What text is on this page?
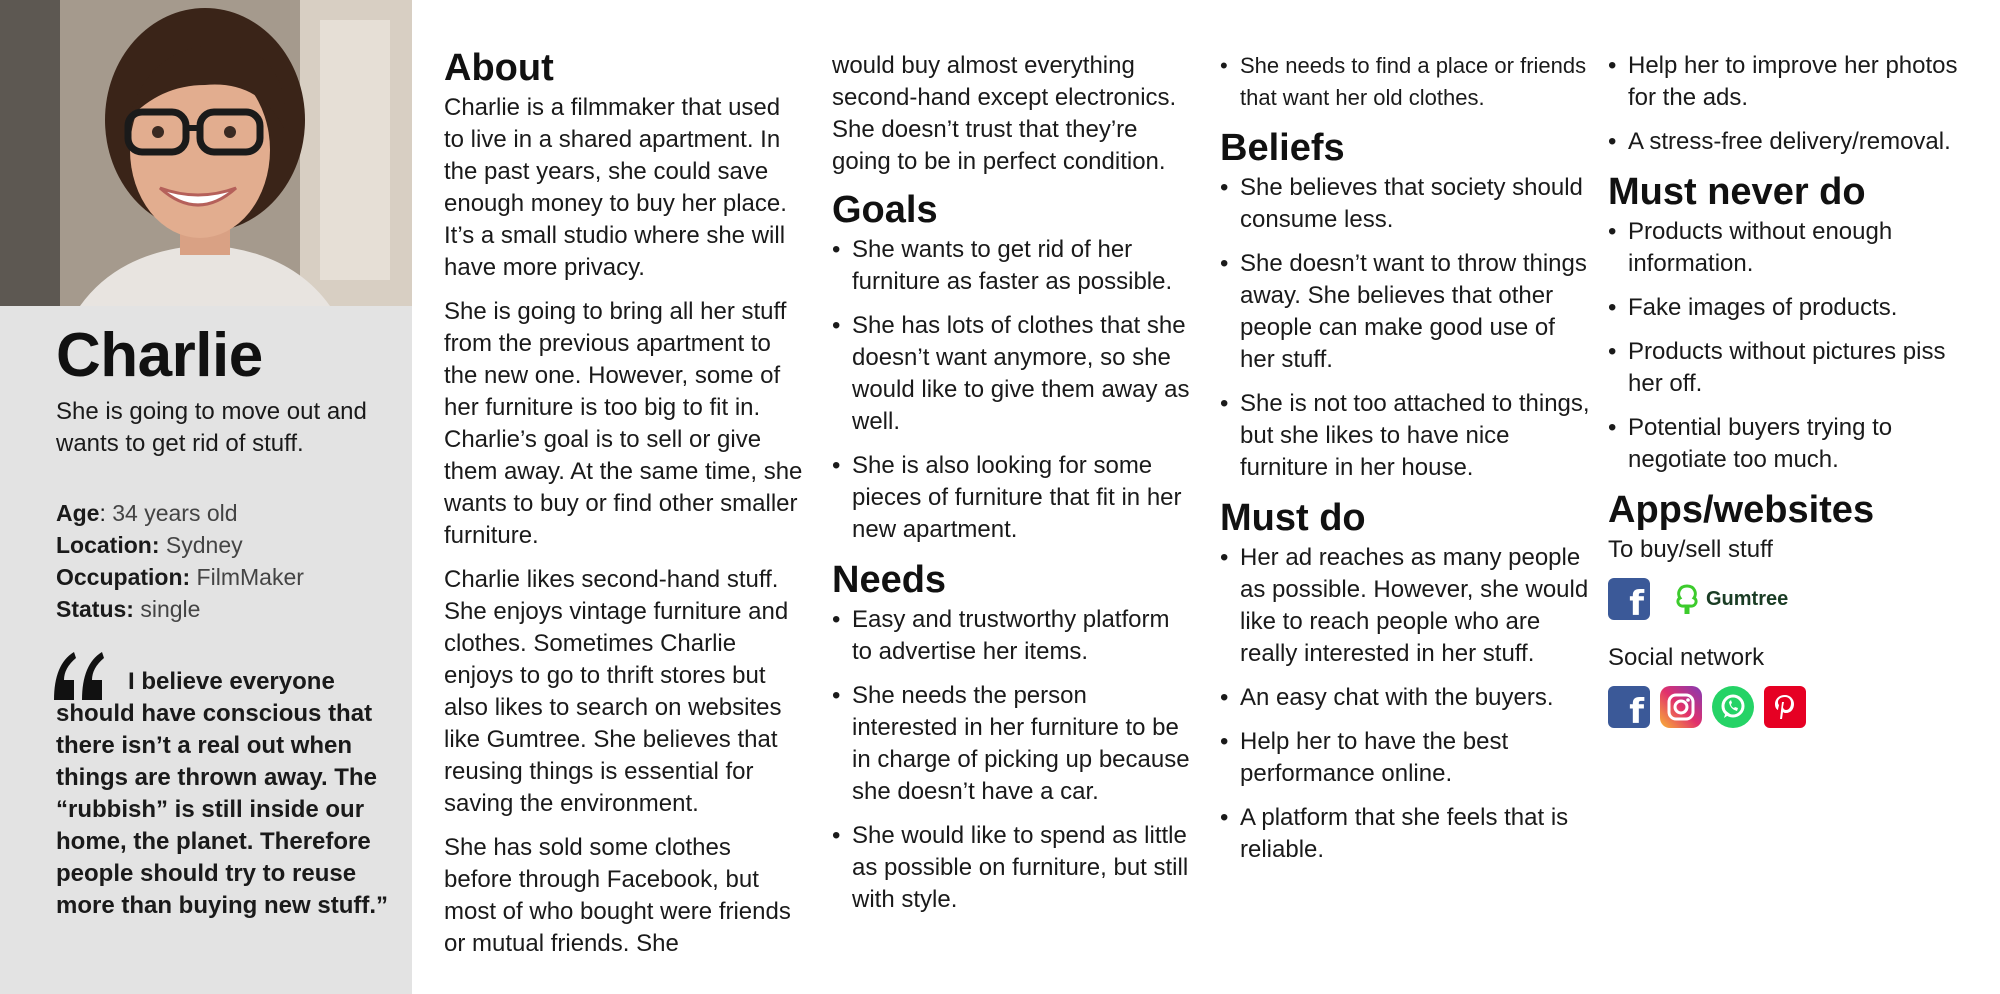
Charlie

She is going to move out and wants to get rid of stuff.

Age: 34 years old
Location: Sydney
Occupation: FilmMaker
Status: single

I believe everyone should have conscious that there isn’t a real out when things are thrown away. The “rubbish” is still inside our home, the planet. Therefore people should try to reuse more than buying new stuff.”

About

Charlie is a filmmaker that used to live in a shared apartment. In the past years, she could save enough money to buy her place. It’s a small studio where she will have more privacy.

She is going to bring all her stuff from the previous apartment to the new one. However, some of her furniture is too big to fit in. Charlie’s goal is to sell or give them away. At the same time, she wants to buy or find other smaller furniture.

Charlie likes second-hand stuff. She enjoys vintage furniture and clothes. Sometimes Charlie enjoys to go to thrift stores but also likes to search on websites like Gumtree. She believes that reusing things is essential for saving the environment.

She has sold some clothes before through Facebook, but most of who bought were friends or mutual friends. She

would buy almost everything second-hand except electronics. She doesn’t trust that they’re going to be in perfect condition.

Goals
• She wants to get rid of her furniture as faster as possible.
• She has lots of clothes that she doesn’t want anymore, so she would like to give them away as well.
• She is also looking for some pieces of furniture that fit in her new apartment.
Needs
• Easy and trustworthy platform to advertise her items.
• She needs the person interested in her furniture to be in charge of picking up because she doesn’t have a car.
• She would like to spend as little as possible on furniture, but still with style.
• She needs to find a place or friends that want her old clothes.
Beliefs
• She believes that society should consume less.
• She doesn’t want to throw things away. She believes that other people can make good use of her stuff.
• She is not too attached to things, but she likes to have nice furniture in her house.
Must do
• Her ad reaches as many people as possible. However, she would like to reach people who are really interested in her stuff.
• An easy chat with the buyers.
• Help her to have the best performance online.
• A platform that she feels that is reliable.
• Help her to improve her photos for the ads.
• A stress-free delivery/removal.
Must never do
• Products without enough information.
• Fake images of products.
• Products without pictures piss her off.
• Potential buyers trying to negotiate too much.
Apps/websites

To buy/sell stuff

f	Gumtree

Social network

f
